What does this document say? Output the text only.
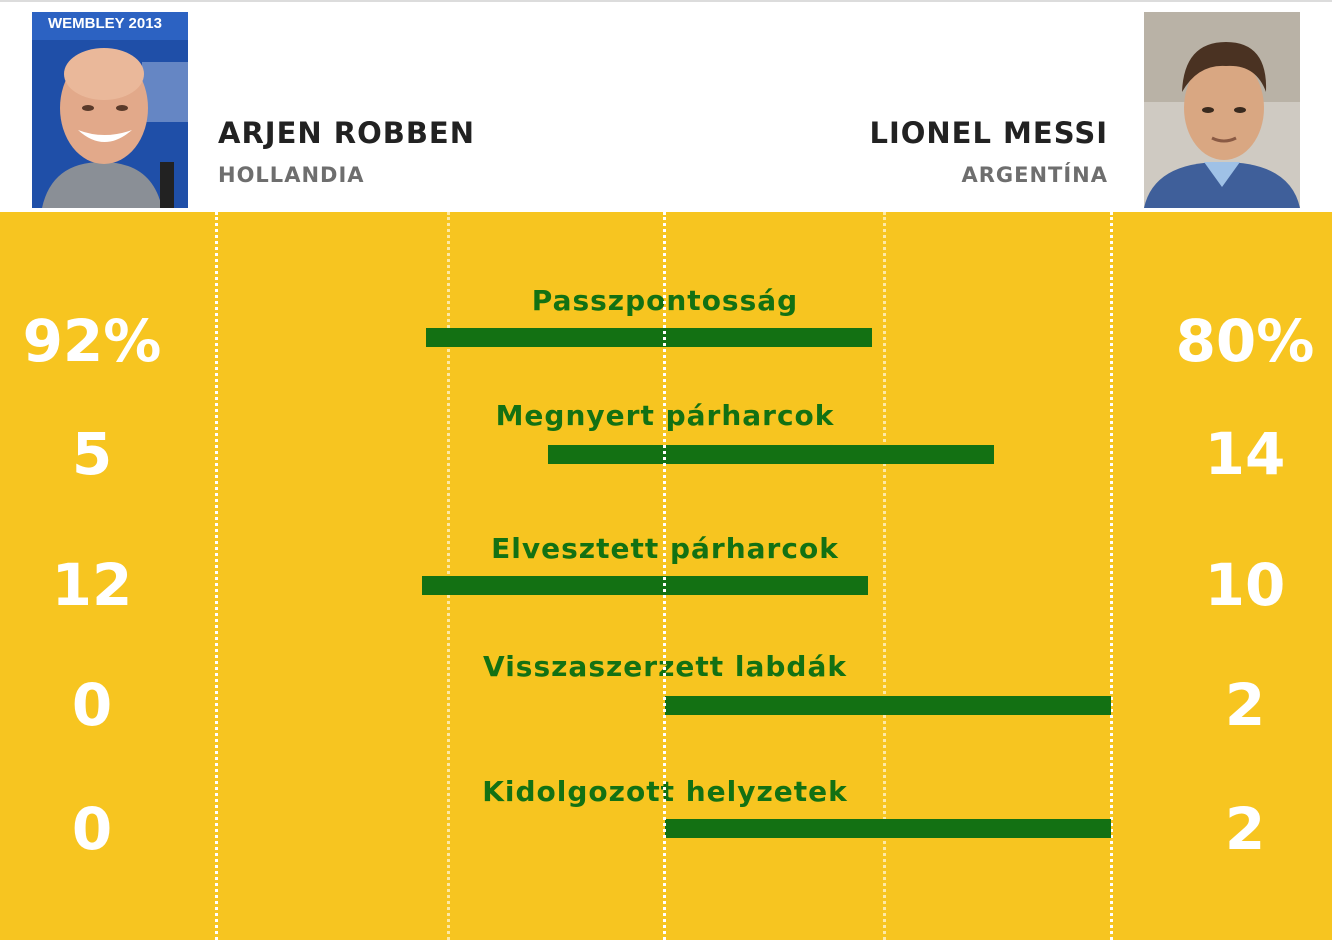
WEMBLEY 2013
ARJEN ROBBEN
HOLLANDIA
LIONEL MESSI
ARGENTÍNA
Passzpontosság
92%	80%
Megnyert párharcok
5	14
Elvesztett párharcok
12	10
Visszaszerzett labdák
0	2
Kidolgozott helyzetek
0	2
